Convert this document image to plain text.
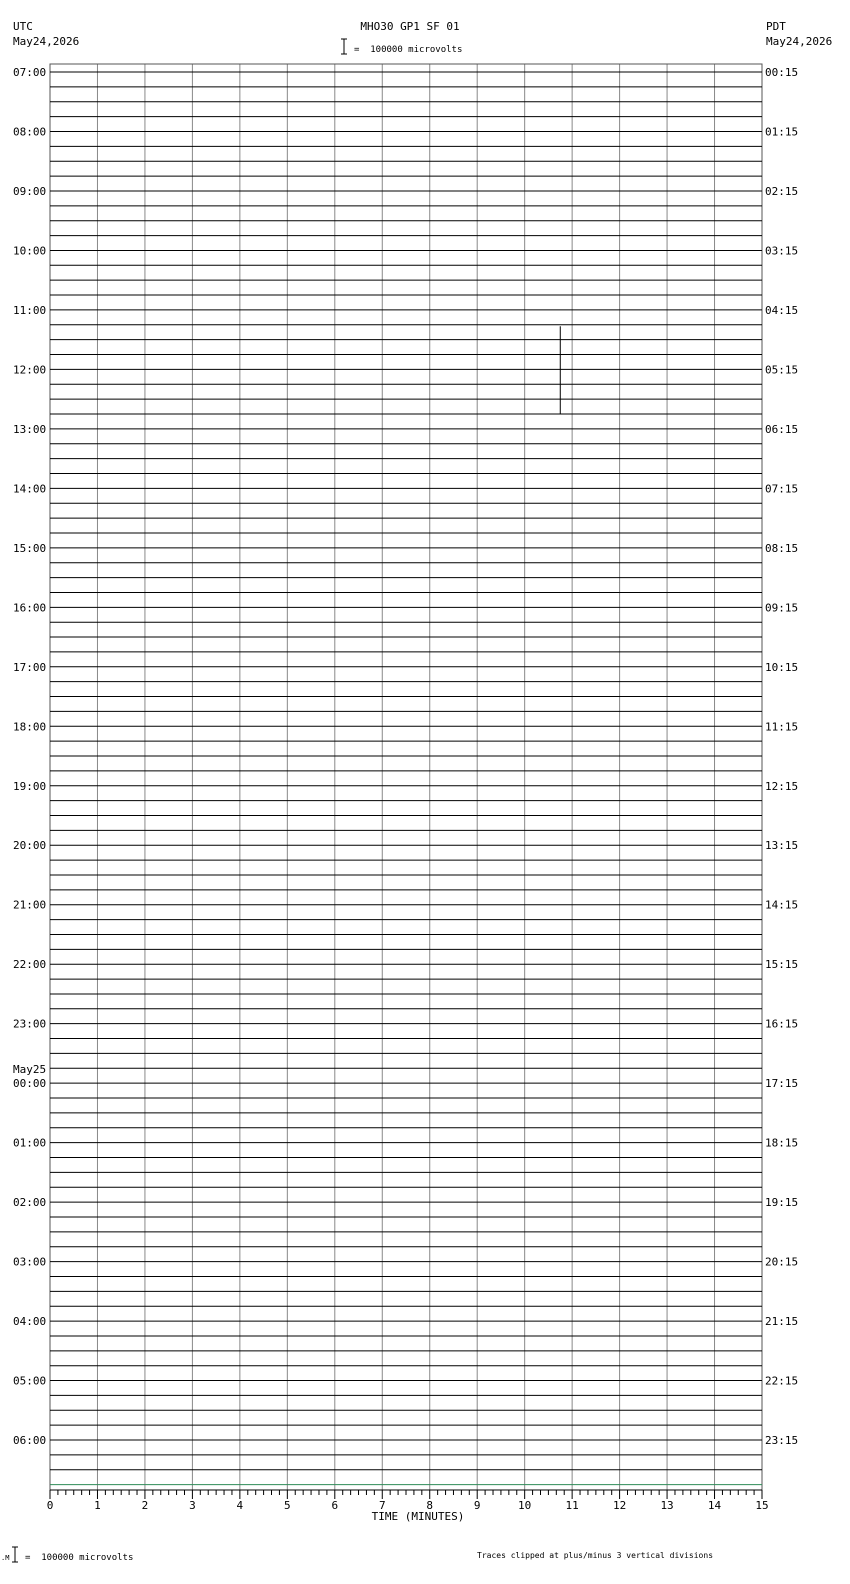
UTC
May24,2026
MHO30 GP1 SF 01
=  100000 microvolts
PDT
May24,2026
07:00
08:00
09:00
10:00
11:00
12:00
13:00
14:00
15:00
16:00
17:00
18:00
19:00
20:00
21:00
22:00
23:00
May25
00:00
01:00
02:00
03:00
04:00
05:00
06:00
00:15
01:15
02:15
03:15
04:15
05:15
06:15
07:15
08:15
09:15
10:15
11:15
12:15
13:15
14:15
15:15
16:15
17:15
18:15
19:15
20:15
21:15
22:15
23:15
0	1	2	3	4	5	6	7	8	9	10	11	12	13	14	15
TIME (MINUTES)
.M =  100000 microvolts	Traces clipped at plus/minus 3 vertical divisions
